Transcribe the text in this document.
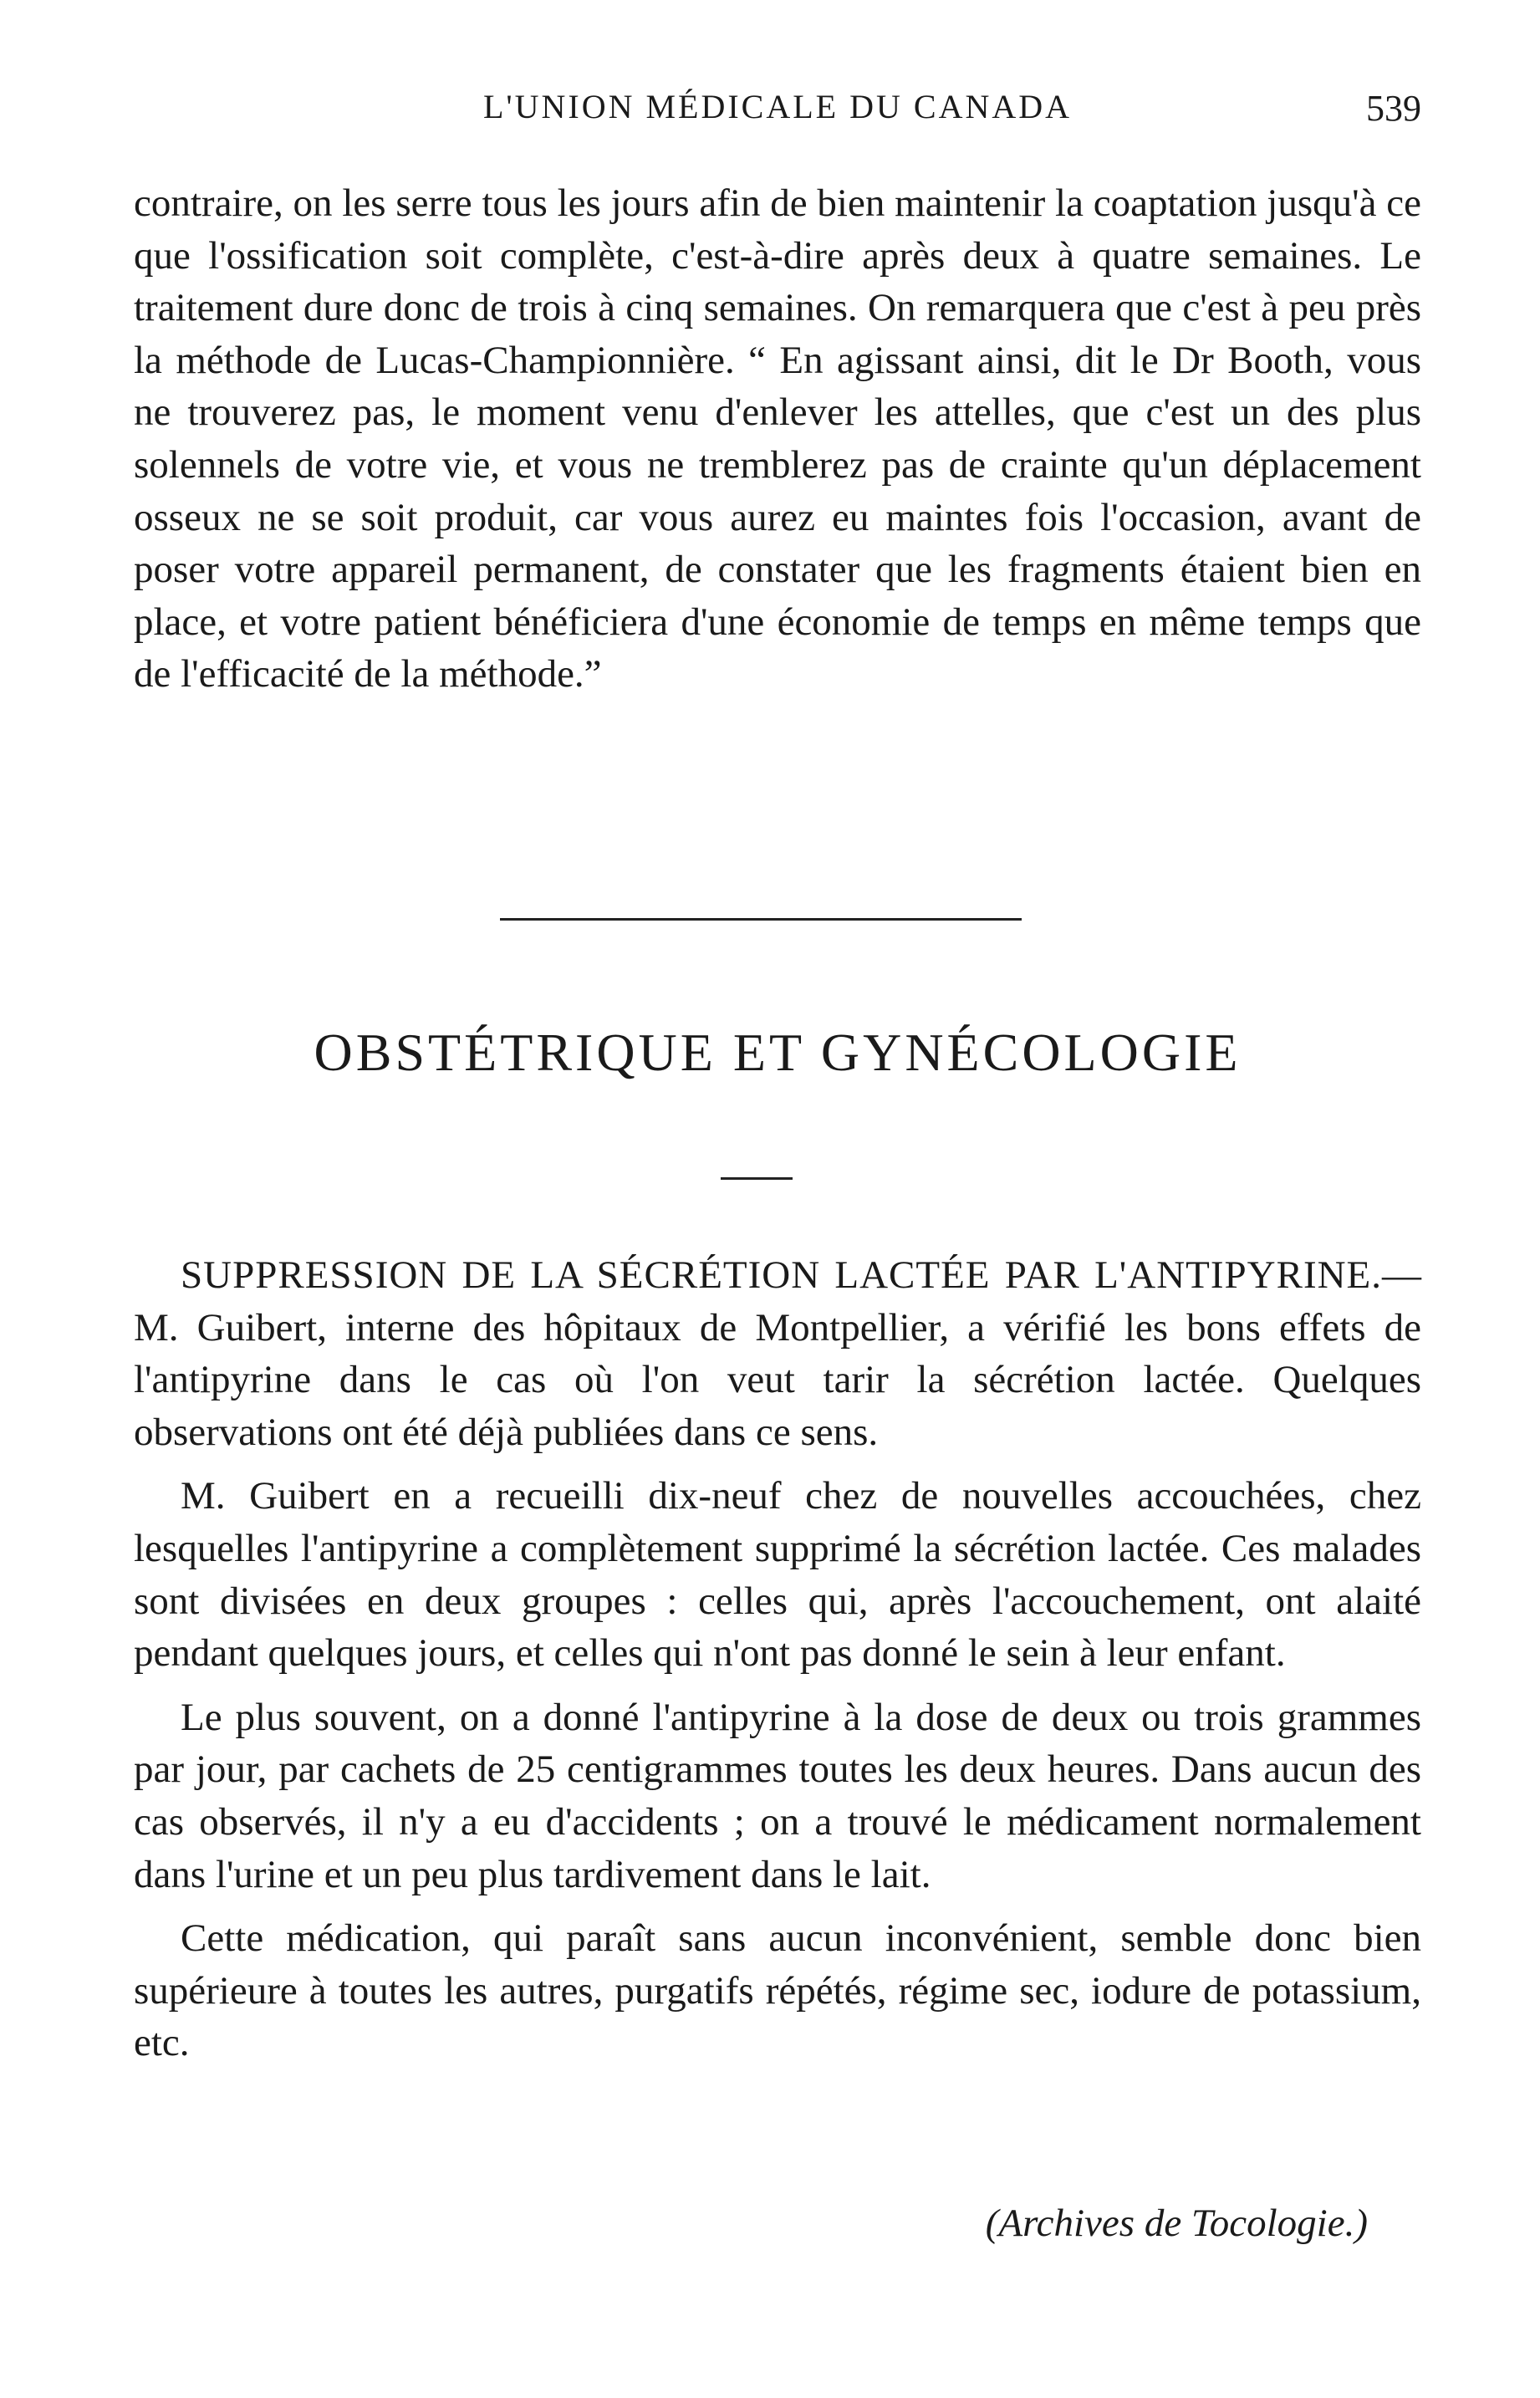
L'UNION MÉDICALE DU CANADA	539

contraire, on les serre tous les jours afin de bien maintenir la coaptation jusqu'à ce que l'ossification soit complète, c'est-à-dire après deux à quatre semaines. Le traitement dure donc de trois à cinq semaines. On remarquera que c'est à peu près la méthode de Lucas-Championnière. “ En agissant ainsi, dit le Dr Booth, vous ne trouverez pas, le moment venu d'enlever les attelles, que c'est un des plus solennels de votre vie, et vous ne tremblerez pas de crainte qu'un déplacement osseux ne se soit produit, car vous aurez eu maintes fois l'occasion, avant de poser votre appareil permanent, de constater que les fragments étaient bien en place, et votre patient bénéficiera d'une économie de temps en même temps que de l'efficacité de la méthode.”

OBSTÉTRIQUE ET GYNÉCOLOGIE

SUPPRESSION DE LA SÉCRÉTION LACTÉE PAR L'ANTIPYRINE.—M. Guibert, interne des hôpitaux de Montpellier, a vérifié les bons effets de l'antipyrine dans le cas où l'on veut tarir la sécrétion lactée. Quelques observations ont été déjà publiées dans ce sens.

M. Guibert en a recueilli dix-neuf chez de nouvelles accouchées, chez lesquelles l'antipyrine a complètement supprimé la sécrétion lactée. Ces malades sont divisées en deux groupes : celles qui, après l'accouchement, ont alaité pendant quelques jours, et celles qui n'ont pas donné le sein à leur enfant.

Le plus souvent, on a donné l'antipyrine à la dose de deux ou trois grammes par jour, par cachets de 25 centigrammes toutes les deux heures. Dans aucun des cas observés, il n'y a eu d'accidents ; on a trouvé le médicament normalement dans l'urine et un peu plus tardivement dans le lait.

Cette médication, qui paraît sans aucun inconvénient, semble donc bien supérieure à toutes les autres, purgatifs répétés, régime sec, iodure de potassium, etc.

(Archives de Tocologie.)
